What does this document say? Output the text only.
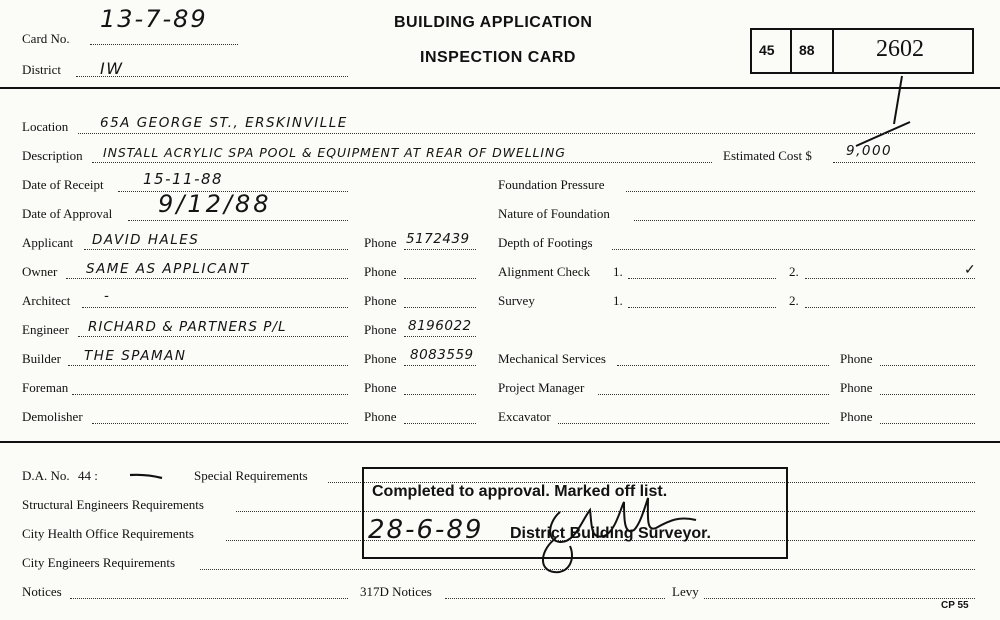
Card No.
13-7-89
District IW
BUILDING APPLICATION
INSPECTION CARD	45 88	2602
Location 65A GEORGE ST., ERSKINVILLE
Description INSTALL ACRYLIC SPA POOL & EQUIPMENT AT REAR OF DWELLING	Estimated Cost $	9,000
Date of Receipt	15-11-88	Foundation Pressure
Date of Approval 9/12/88	Nature of Foundation
Applicant DAVID HALES	Phone 5172439 Depth of Footings
Owner SAME AS APPLICANT	Phone	Alignment Check 1.	2.	✓
Architect -	Phone	Survey	1.	2.
Engineer RICHARD & PARTNERS P/L	Phone 8196022
Builder THE SPAMAN	Phone 8083559 Mechanical Services	Phone
Foreman	Phone	Project Manager	Phone
Demolisher	Phone	Excavator	Phone
D.A. No. 44 :	Special Requirements
Structural Engineers Requirements
City Health Office Requirements
City Engineers Requirements
Notices	317D Notices	Levy
Completed to approval. Marked off list.
28-6-89 District Building Surveyor.
CP 55
